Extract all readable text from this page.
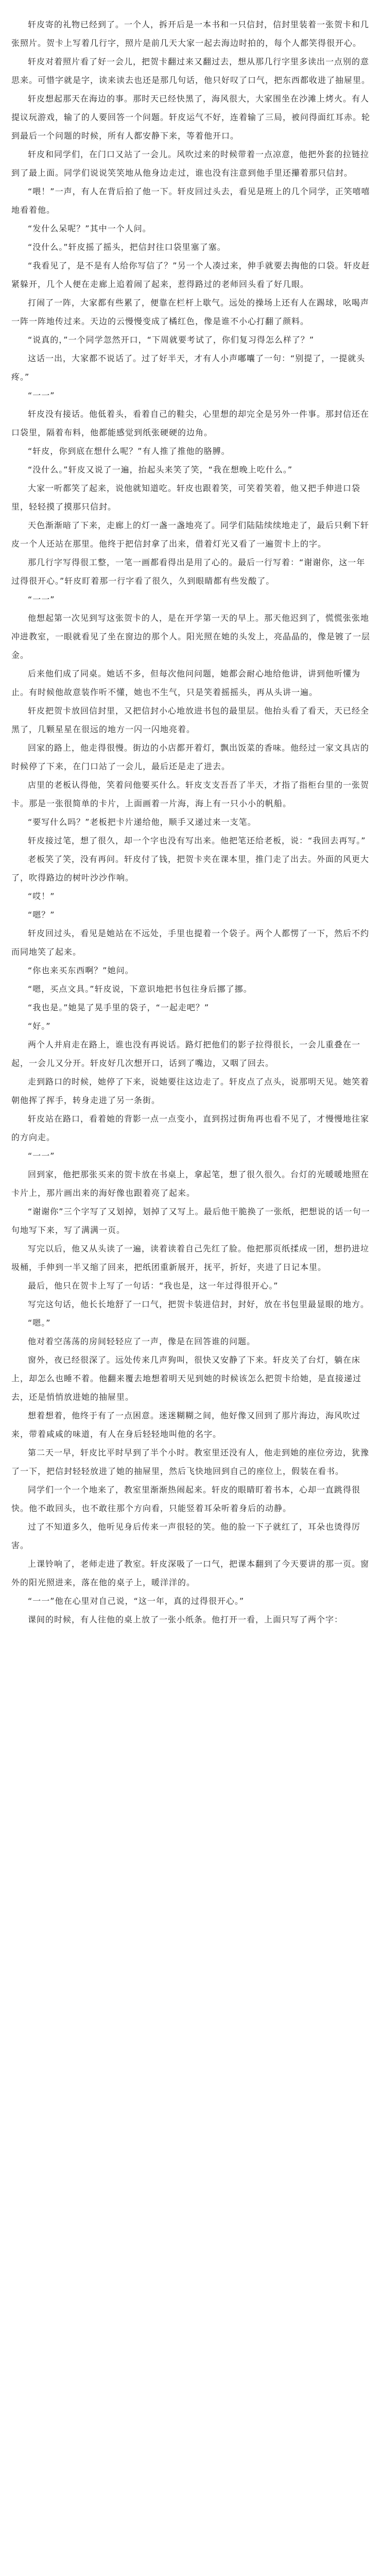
轩皮寄的礼物已经到了。一个人，拆开后是一本书和一只信封，信封里装着一张贺卡和几张照片。贺卡上写着几行字，照片是前几天大家一起去海边时拍的，每个人都笑得很开心。

轩皮对着照片看了好一会儿，把贺卡翻过来又翻过去，想从那几行字里多读出一点别的意思来。可惜字就是字，读来读去也还是那几句话，他只好叹了口气，把东西都收进了抽屉里。

轩皮想起那天在海边的事。那时天已经快黑了，海风很大，大家围坐在沙滩上烤火。有人提议玩游戏，输了的人要回答一个问题。轩皮运气不好，连着输了三局，被问得面红耳赤。轮到最后一个问题的时候，所有人都安静下来，等着他开口。

轩皮和同学们，在门口又站了一会儿。风吹过来的时候带着一点凉意，他把外套的拉链拉到了最上面。同学们说说笑笑地从他身边走过，谁也没有注意到他手里还攥着那只信封。

“喂！”一声，有人在背后拍了他一下。轩皮回过头去，看见是班上的几个同学，正笑嘻嘻地看着他。

“发什么呆呢？”其中一个人问。

“没什么。”轩皮摇了摇头，把信封往口袋里塞了塞。

“我看见了，是不是有人给你写信了？”另一个人凑过来，伸手就要去掏他的口袋。轩皮赶紧躲开，几个人便在走廊上追着闹了起来，惹得路过的老师回头看了好几眼。

打闹了一阵，大家都有些累了，便靠在栏杆上歇气。远处的操场上还有人在踢球，吆喝声一阵一阵地传过来。天边的云慢慢变成了橘红色，像是谁不小心打翻了颜料。

“说真的，”一个同学忽然开口，“下周就要考试了，你们复习得怎么样了？”

这话一出，大家都不说话了。过了好半天，才有人小声嘟囔了一句：“别提了，一提就头疼。”

“一一”

轩皮没有接话。他低着头，看着自己的鞋尖，心里想的却完全是另外一件事。那封信还在口袋里，隔着布料，他都能感觉到纸张硬硬的边角。

“轩皮，你到底在想什么呢？”有人推了推他的胳膊。

“没什么。”轩皮又说了一遍，抬起头来笑了笑，“我在想晚上吃什么。”

大家一听都笑了起来，说他就知道吃。轩皮也跟着笑，可笑着笑着，他又把手伸进口袋里，轻轻摸了摸那只信封。

天色渐渐暗了下来，走廊上的灯一盏一盏地亮了。同学们陆陆续续地走了，最后只剩下轩皮一个人还站在那里。他终于把信封拿了出来，借着灯光又看了一遍贺卡上的字。

那几行字写得很工整，一笔一画都看得出是用了心的。最后一行写着：“谢谢你，这一年过得很开心。”轩皮盯着那一行字看了很久，久到眼睛都有些发酸了。

“一一”

他想起第一次见到写这张贺卡的人，是在开学第一天的早上。那天他迟到了，慌慌张张地冲进教室，一眼就看见了坐在窗边的那个人。阳光照在她的头发上，亮晶晶的，像是镀了一层金。

后来他们成了同桌。她话不多，但每次他问问题，她都会耐心地给他讲，讲到他听懂为止。有时候他故意装作听不懂，她也不生气，只是笑着摇摇头，再从头讲一遍。

轩皮把贺卡放回信封里，又把信封小心地放进书包的最里层。他抬头看了看天，天已经全黑了，几颗星星在很远的地方一闪一闪地亮着。

回家的路上，他走得很慢。街边的小店都开着灯，飘出饭菜的香味。他经过一家文具店的时候停了下来，在门口站了一会儿，最后还是走了进去。

店里的老板认得他，笑着问他要买什么。轩皮支支吾吾了半天，才指了指柜台里的一张贺卡。那是一张很简单的卡片，上面画着一片海，海上有一只小小的帆船。

“要写什么吗？”老板把卡片递给他，顺手又递过来一支笔。

轩皮接过笔，想了很久，却一个字也没有写出来。他把笔还给老板，说：“我回去再写。”

老板笑了笑，没有再问。轩皮付了钱，把贺卡夹在课本里，推门走了出去。外面的风更大了，吹得路边的树叶沙沙作响。

“哎！”

“嗯？”

轩皮回过头，看见是她站在不远处，手里也提着一个袋子。两个人都愣了一下，然后不约而同地笑了起来。

“你也来买东西啊？”她问。

“嗯，买点文具。”轩皮说，下意识地把书包往身后挪了挪。

“我也是。”她晃了晃手里的袋子，“一起走吧？”

“好。”

两个人并肩走在路上，谁也没有再说话。路灯把他们的影子拉得很长，一会儿重叠在一起，一会儿又分开。轩皮好几次想开口，话到了嘴边，又咽了回去。

走到路口的时候，她停了下来，说她要往这边走了。轩皮点了点头，说那明天见。她笑着朝他挥了挥手，转身走进了另一条街。

轩皮站在路口，看着她的背影一点一点变小，直到拐过街角再也看不见了，才慢慢地往家的方向走。

“一一”

回到家，他把那张买来的贺卡放在书桌上，拿起笔，想了很久很久。台灯的光暖暖地照在卡片上，那片画出来的海好像也跟着亮了起来。

“谢谢你”三个字写了又划掉，划掉了又写上。最后他干脆换了一张纸，把想说的话一句一句地写下来，写了满满一页。

写完以后，他又从头读了一遍，读着读着自己先红了脸。他把那页纸揉成一团，想扔进垃圾桶，手伸到一半又缩了回来，把纸团重新展开，抚平，折好，夹进了日记本里。

最后，他只在贺卡上写了一句话：“我也是，这一年过得很开心。”

写完这句话，他长长地舒了一口气，把贺卡装进信封，封好，放在书包里最显眼的地方。

“嗯。”

他对着空荡荡的房间轻轻应了一声，像是在回答谁的问题。

窗外，夜已经很深了。远处传来几声狗叫，很快又安静了下来。轩皮关了台灯，躺在床上，却怎么也睡不着。他翻来覆去地想着明天见到她的时候该怎么把贺卡给她，是直接递过去，还是悄悄放进她的抽屉里。

想着想着，他终于有了一点困意。迷迷糊糊之间，他好像又回到了那片海边，海风吹过来，带着咸咸的味道，有人在身后轻轻地叫他的名字。

第二天一早，轩皮比平时早到了半个小时。教室里还没有人，他走到她的座位旁边，犹豫了一下，把信封轻轻放进了她的抽屉里，然后飞快地回到自己的座位上，假装在看书。

同学们一个一个地来了，教室里渐渐热闹起来。轩皮的眼睛盯着书本，心却一直跳得很快。他不敢回头，也不敢往那个方向看，只能竖着耳朵听着身后的动静。

过了不知道多久，他听见身后传来一声很轻的笑。他的脸一下子就红了，耳朵也烫得厉害。

上课铃响了，老师走进了教室。轩皮深吸了一口气，把课本翻到了今天要讲的那一页。窗外的阳光照进来，落在他的桌子上，暖洋洋的。

“一一”他在心里对自己说，“这一年，真的过得很开心。”

课间的时候，有人往他的桌上放了一张小纸条。他打开一看，上面只写了两个字：
